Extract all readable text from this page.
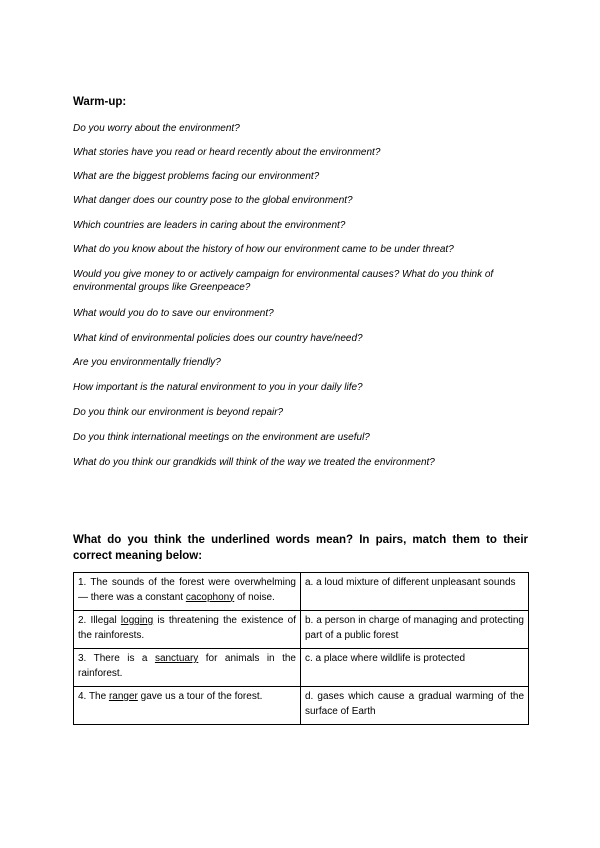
Warm-up:
Do you worry about the environment?
What stories have you read or heard recently about the environment?
What are the biggest problems facing our environment?
What danger does our country pose to the global environment?
Which countries are leaders in caring about the environment?
What do you know about the history of how our environment came to be under threat?
Would you give money to or actively campaign for environmental causes? What do you think of environmental groups like Greenpeace?
What would you do to save our environment?
What kind of environmental policies does our country have/need?
Are you environmentally friendly?
How important is the natural environment to you in your daily life?
Do you think our environment is beyond repair?
Do you think international meetings on the environment are useful?
What do you think our grandkids will think of the way we treated the environment?
What do you think the underlined words mean? In pairs, match them to their correct meaning below:
1. The sounds of the forest were overwhelming — there was a constant cacophony of noise.	a. a loud mixture of different unpleasant sounds
2. Illegal logging is threatening the existence of the rainforests.	b. a person in charge of managing and protecting part of a public forest
3. There is a sanctuary for animals in the rainforest.	c. a place where wildlife is protected
4. The ranger gave us a tour of the forest.	d. gases which cause a gradual warming of the surface of Earth
